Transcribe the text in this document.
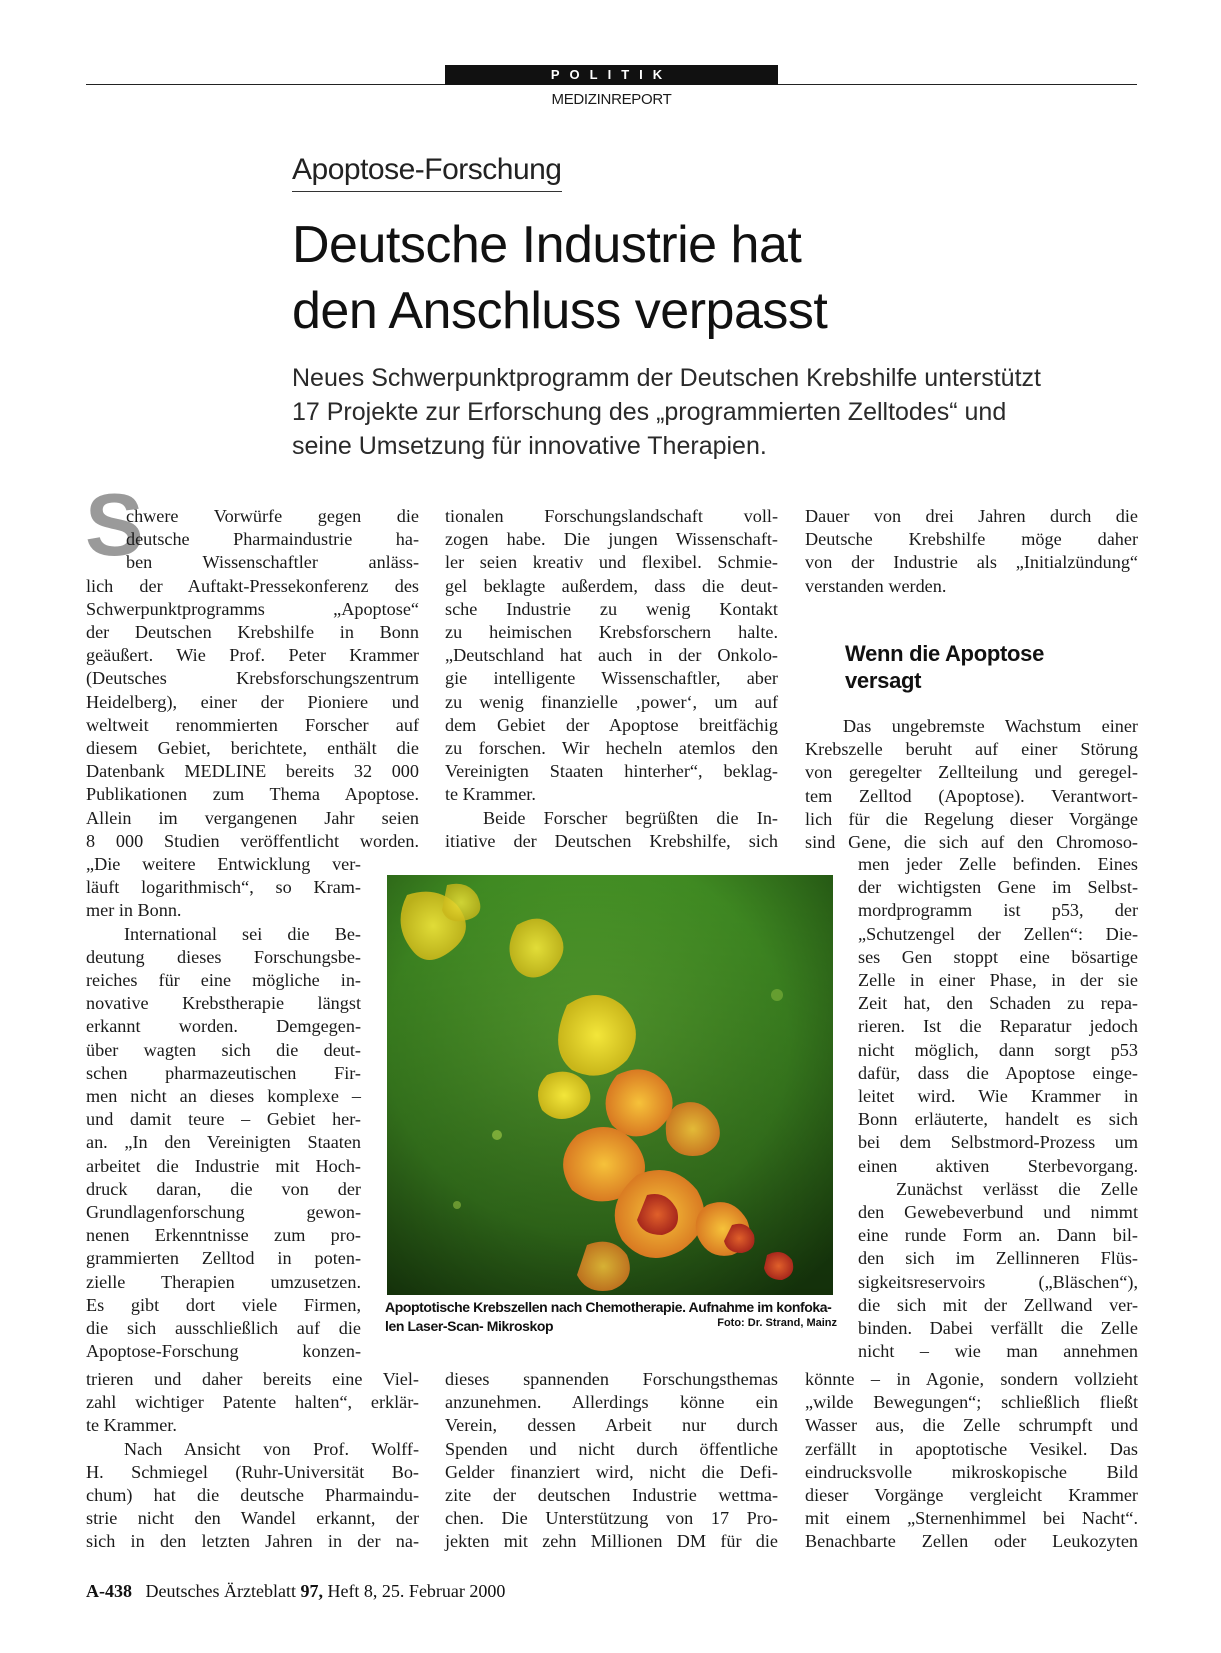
POLITIK
MEDIZINREPORT
Apoptose-Forschung
Deutsche Industrie hat
den Anschluss verpasst

Neues Schwerpunktprogramm der Deutschen Krebshilfe unterstützt
17 Projekte zur Erforschung des „programmierten Zelltodes“ und
seine Umsetzung für innovative Therapien.

S
chwere Vorwürfe gegen die
deutsche Pharmaindustrie ha-
ben Wissenschaftler anläss-
lich der Auftakt-Pressekonferenz des
Schwerpunktprogramms „Apoptose“
der Deutschen Krebshilfe in Bonn
geäußert. Wie Prof. Peter Krammer
(Deutsches Krebsforschungszentrum
Heidelberg), einer der Pioniere und
weltweit renommierten Forscher auf
diesem Gebiet, berichtete, enthält die
Datenbank MEDLINE bereits 32 000
Publikationen zum Thema Apoptose.
Allein im vergangenen Jahr seien
8 000 Studien veröffentlicht worden.
„Die weitere Entwicklung ver-
läuft logarithmisch“, so Kram-
mer in Bonn.
International sei die Be-
deutung dieses Forschungsbe-
reiches für eine mögliche in-
novative Krebstherapie längst
erkannt worden. Demgegen-
über wagten sich die deut-
schen pharmazeutischen Fir-
men nicht an dieses komplexe –
und damit teure – Gebiet her-
an. „In den Vereinigten Staaten
arbeitet die Industrie mit Hoch-
druck daran, die von der
Grundlagenforschung gewon-
nenen Erkenntnisse zum pro-
grammierten Zelltod in poten-
zielle Therapien umzusetzen.
Es gibt dort viele Firmen,
die sich ausschließlich auf die
Apoptose-Forschung konzen-
trieren und daher bereits eine Viel-
zahl wichtiger Patente halten“, erklär-
te Krammer.
Nach Ansicht von Prof. Wolff-
H. Schmiegel (Ruhr-Universität Bo-
chum) hat die deutsche Pharmaindu-
strie nicht den Wandel erkannt, der
sich in den letzten Jahren in der na-
tionalen Forschungslandschaft voll-
zogen habe. Die jungen Wissenschaft-
ler seien kreativ und flexibel. Schmie-
gel beklagte außerdem, dass die deut-
sche Industrie zu wenig Kontakt
zu heimischen Krebsforschern halte.
„Deutschland hat auch in der Onkolo-
gie intelligente Wissenschaftler, aber
zu wenig finanzielle ‚power‘, um auf
dem Gebiet der Apoptose breitfächig
zu forschen. Wir hecheln atemlos den
Vereinigten Staaten hinterher“, beklag-
te Krammer.
Beide Forscher begrüßten die In-
itiative der Deutschen Krebshilfe, sich
dieses spannenden Forschungsthemas
anzunehmen. Allerdings könne ein
Verein, dessen Arbeit nur durch
Spenden und nicht durch öffentliche
Gelder finanziert wird, nicht die Defi-
zite der deutschen Industrie wettma-
chen. Die Unterstützung von 17 Pro-
jekten mit zehn Millionen DM für die
Dauer von drei Jahren durch die
Deutsche Krebshilfe möge daher
von der Industrie als „Initialzündung“
verstanden werden.
Wenn die Apoptose
versagt
Das ungebremste Wachstum einer
Krebszelle beruht auf einer Störung
von geregelter Zellteilung und geregel-
tem Zelltod (Apoptose). Verantwort-
lich für die Regelung dieser Vorgänge
sind Gene, die sich auf den Chromoso-
men jeder Zelle befinden. Eines
der wichtigsten Gene im Selbst-
mordprogramm ist p53, der
„Schutzengel der Zellen“: Die-
ses Gen stoppt eine bösartige
Zelle in einer Phase, in der sie
Zeit hat, den Schaden zu repa-
rieren. Ist die Reparatur jedoch
nicht möglich, dann sorgt p53
dafür, dass die Apoptose einge-
leitet wird. Wie Krammer in
Bonn erläuterte, handelt es sich
bei dem Selbstmord-Prozess um
einen aktiven Sterbevorgang.
Zunächst verlässt die Zelle
den Gewebeverbund und nimmt
eine runde Form an. Dann bil-
den sich im Zellinneren Flüs-
sigkeitsreservoirs („Bläschen“),
die sich mit der Zellwand ver-
binden. Dabei verfällt die Zelle
nicht – wie man annehmen
könnte – in Agonie, sondern vollzieht
„wilde Bewegungen“; schließlich fließt
Wasser aus, die Zelle schrumpft und
zerfällt in apoptotische Vesikel. Das
eindrucksvolle mikroskopische Bild
dieser Vorgänge vergleicht Krammer
mit einem „Sternenhimmel bei Nacht“.
Benachbarte Zellen oder Leukozyten
Apoptotische Krebszellen nach Chemotherapie. Aufnahme im konfoka-
len Laser-Scan- Mikroskop	Foto: Dr. Strand, Mainz
A-438 Deutsches Ärzteblatt 97, Heft 8, 25. Februar 2000
